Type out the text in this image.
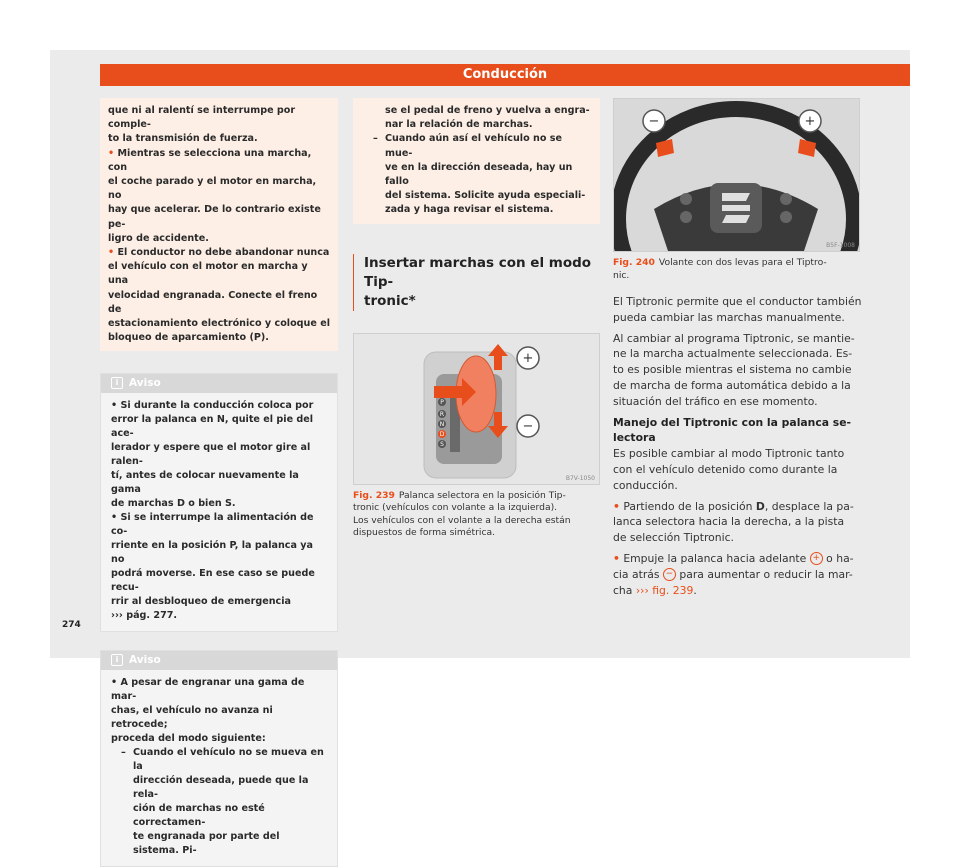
Conducción

que ni al ralentí se interrumpe por comple-

to la transmisión de fuerza.

• Mientras se selecciona una marcha, con

el coche parado y el motor en marcha, no

hay que acelerar. De lo contrario existe pe-

ligro de accidente.

• El conductor no debe abandonar nunca

el vehículo con el motor en marcha y una

velocidad engranada. Conecte el freno de

estacionamiento electrónico y coloque el

bloqueo de aparcamiento (P).

i Aviso

• Si durante la conducción coloca por

error la palanca en N, quite el pie del ace-

lerador y espere que el motor gire al ralen-

tí, antes de colocar nuevamente la gama

de marchas D o bien S.

• Si se interrumpe la alimentación de co-

rriente en la posición P, la palanca ya no

podrá moverse. En ese caso se puede recu-

rrir al desbloqueo de emergencia

››› pág. 277.

i Aviso

• A pesar de engranar una gama de mar-

chas, el vehículo no avanza ni retrocede;

proceda del modo siguiente:

– Cuando el vehículo no se mueva en la

dirección deseada, puede que la rela-

ción de marchas no esté correctamen-

te engranada por parte del sistema. Pi-

se el pedal de freno y vuelva a engra-

nar la relación de marchas.

– Cuando aún así el vehículo no se mue-

ve en la dirección deseada, hay un fallo

del sistema. Solicite ayuda especiali-

zada y haga revisar el sistema.

Insertar marchas con el modo Tip-
tronic*

+
−
P
R
N
D
S
B7V-1050
Fig. 239 Palanca selectora en la posición Tip-
tronic (vehículos con volante a la izquierda).
Los vehículos con el volante a la derecha están
dispuestos de forma simétrica.
−	+
B5F-1008
Fig. 240 Volante con dos levas para el Tiptro-
nic.

El Tiptronic permite que el conductor también

pueda cambiar las marchas manualmente.

Al cambiar al programa Tiptronic, se mantie-

ne la marcha actualmente seleccionada. Es-

to es posible mientras el sistema no cambie

de marcha de forma automática debido a la

situación del tráfico en ese momento.

Manejo del Tiptronic con la palanca se-

lectora

Es posible cambiar al modo Tiptronic tanto

con el vehículo detenido como durante la

conducción.

• Partiendo de la posición D, desplace la pa-

lanca selectora hacia la derecha, a la pista

de selección Tiptronic.

• Empuje la palanca hacia adelante + o ha-

cia atrás − para aumentar o reducir la mar-

cha ››› fig. 239.

274
